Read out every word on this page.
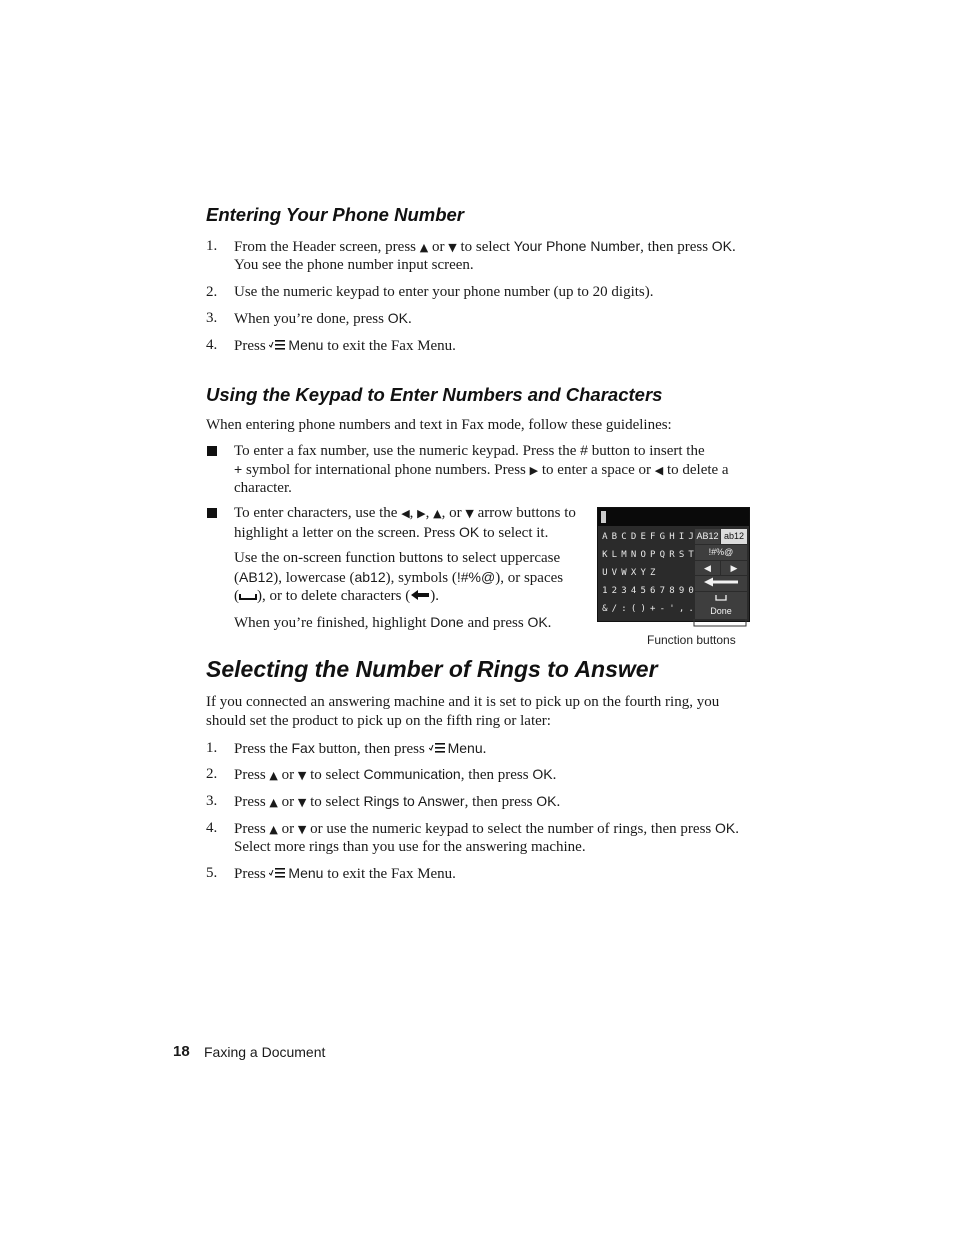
Entering Your Phone Number
1. From the Header screen, press ▲ or ▼ to select Your Phone Number, then press OK.
You see the phone number input screen.
2. Use the numeric keypad to enter your phone number (up to 20 digits).
3. When you’re done, press OK.
4. Press Menu to exit the Fax Menu.
Using the Keypad to Enter Numbers and Characters
When entering phone numbers and text in Fax mode, follow these guidelines:
To enter a fax number, use the numeric keypad. Press the # button to insert the
+ symbol for international phone numbers. Press ▶ to enter a space or ◀ to delete a
character.
To enter characters, use the ◀, ▶, ▲, or ▼ arrow buttons to
highlight a letter on the screen. Press OK to select it.
Use the on-screen function buttons to select uppercase
(AB12), lowercase (ab12), symbols (!#%@), or spaces
( ), or to delete characters ( ).
When you’re finished, highlight Done and press OK.
A B C D E F G H I J
K L M N O P Q R S T
U V W X Y Z
1 2 3 4 5 6 7 8 9 0
& / : ( ) + - ' , .
AB12 ab12
!#%@
◀	▶
Done
Function buttons
Selecting the Number of Rings to Answer
If you connected an answering machine and it is set to pick up on the fourth ring, you
should set the product to pick up on the fifth ring or later:
1. Press the Fax button, then press Menu.
2. Press ▲ or ▼ to select Communication, then press OK.
3. Press ▲ or ▼ to select Rings to Answer, then press OK.
4. Press ▲ or ▼ or use the numeric keypad to select the number of rings, then press OK.
Select more rings than you use for the answering machine.
5. Press Menu to exit the Fax Menu.
18 Faxing a Document
